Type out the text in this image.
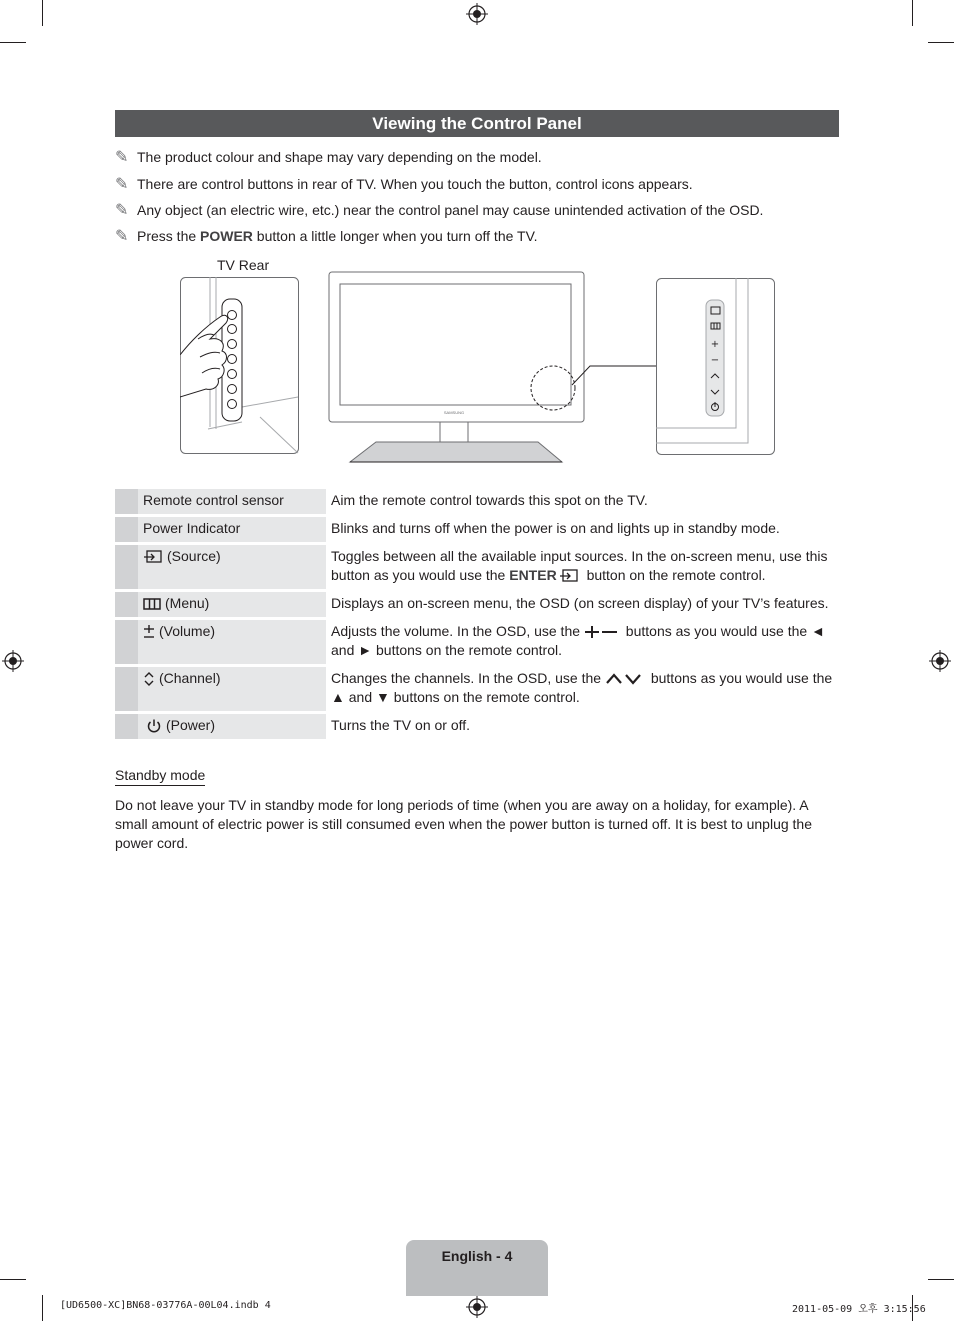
Viewing the Control Panel
✎ The product colour and shape may vary depending on the model.
✎ There are control buttons in rear of TV. When you touch the button, control icons appears.
✎ Any object (an electric wire, etc.) near the control panel may cause unintended activation of the OSD.
✎ Press the POWER button a little longer when you turn off the TV.
TV Rear
SAMSUNG
+
−
	Remote control sensor	Aim the remote control towards this spot on the TV.
	Power Indicator	Blinks and turns off when the power is on and lights up in standby mode.
	(Source)	Toggles between all the available input sources. In the on-screen menu, use this button as you would use the ENTER button on the remote control.
	(Menu)	Displays an on-screen menu, the OSD (on screen display) of your TV’s features.
	(Volume)	Adjusts the volume. In the OSD, use the buttons as you would use the ◄ and ► buttons on the remote control.
	(Channel)	Changes the channels. In the OSD, use the buttons as you would use the ▲ and ▼ buttons on the remote control.
	(Power)	Turns the TV on or off.
Standby mode
Do not leave your TV in standby mode for long periods of time (when you are away on a holiday, for example). A small amount of electric power is still consumed even when the power button is turned off. It is best to unplug the power cord.
English - 4
[UD6500-XC]BN68-03776A-00L04.indb 4	2011-05-09 오후 3:15:56
